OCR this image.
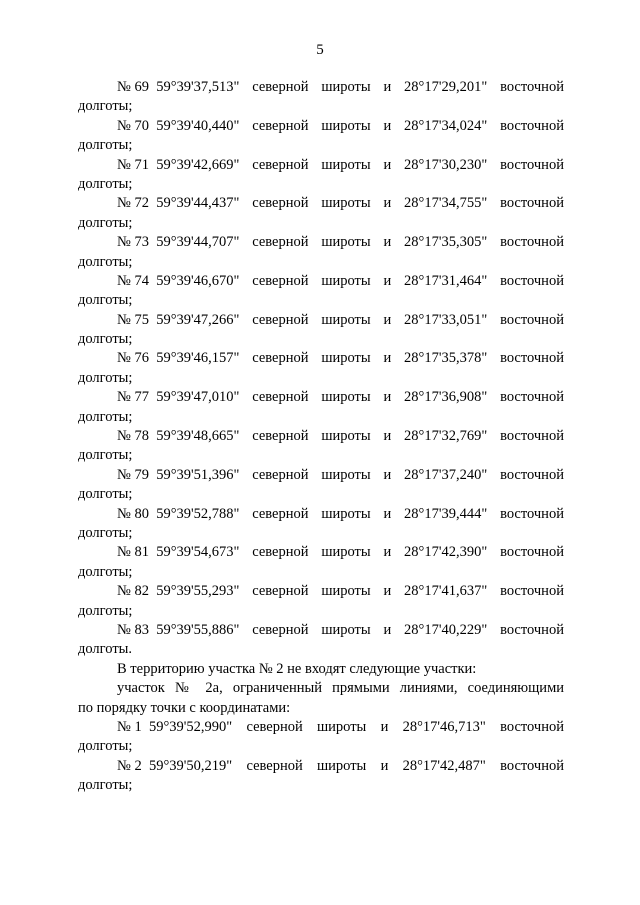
5
№ 69 59°39'37,513" северной широты и 28°17'29,201" восточной
долготы;
№ 70 59°39'40,440" северной широты и 28°17'34,024" восточной
долготы;
№ 71 59°39'42,669" северной широты и 28°17'30,230" восточной
долготы;
№ 72 59°39'44,437" северной широты и 28°17'34,755" восточной
долготы;
№ 73 59°39'44,707" северной широты и 28°17'35,305" восточной
долготы;
№ 74 59°39'46,670" северной широты и 28°17'31,464" восточной
долготы;
№ 75 59°39'47,266" северной широты и 28°17'33,051" восточной
долготы;
№ 76 59°39'46,157" северной широты и 28°17'35,378" восточной
долготы;
№ 77 59°39'47,010" северной широты и 28°17'36,908" восточной
долготы;
№ 78 59°39'48,665" северной широты и 28°17'32,769" восточной
долготы;
№ 79 59°39'51,396" северной широты и 28°17'37,240" восточной
долготы;
№ 80 59°39'52,788" северной широты и 28°17'39,444" восточной
долготы;
№ 81 59°39'54,673" северной широты и 28°17'42,390" восточной
долготы;
№ 82 59°39'55,293" северной широты и 28°17'41,637" восточной
долготы;
№ 83 59°39'55,886" северной широты и 28°17'40,229" восточной
долготы.
В территорию участка № 2 не входят следующие участки:
участок № 2а, ограниченный прямыми линиями, соединяющими
по порядку точки с координатами:
№ 1 59°39'52,990" северной широты и 28°17'46,713" восточной
долготы;
№ 2 59°39'50,219" северной широты и 28°17'42,487" восточной
долготы;
